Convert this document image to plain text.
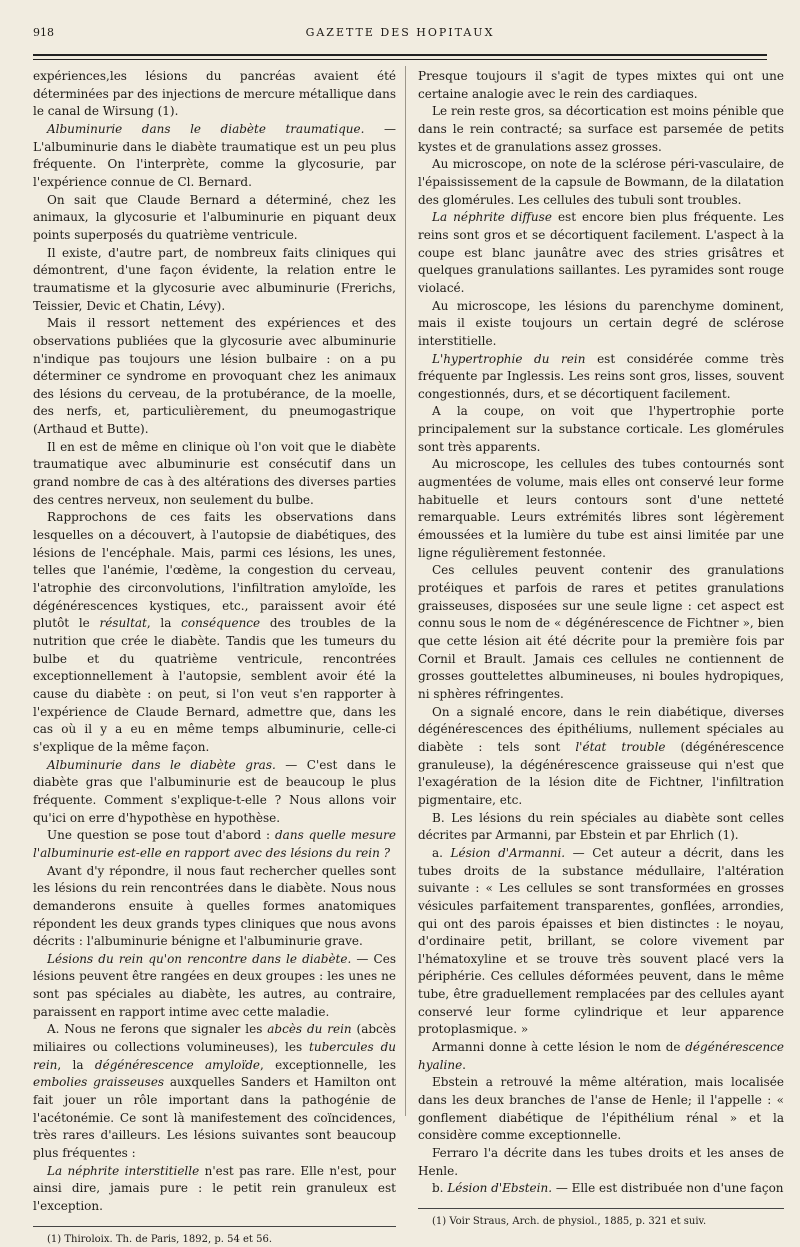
918	GAZETTE DES HOPITAUX

expériences,les lésions du pancréas avaient été déterminées par des injections de mercure métallique dans le canal de Wirsung (1).

Albuminurie dans le diabète traumatique. — L'albuminurie dans le diabète traumatique est un peu plus fréquente. On l'interprète, comme la glycosurie, par l'expérience connue de Cl. Bernard.

On sait que Claude Bernard a déterminé, chez les animaux, la glycosurie et l'albuminurie en piquant deux points superposés du quatrième ventricule.

Il existe, d'autre part, de nombreux faits cliniques qui démontrent, d'une façon évidente, la relation entre le traumatisme et la glycosurie avec albuminurie (Frerichs, Teissier, Devic et Chatin, Lévy).

Mais il ressort nettement des expériences et des observations publiées que la glycosurie avec albuminurie n'indique pas toujours une lésion bulbaire : on a pu déterminer ce syndrome en provoquant chez les animaux des lésions du cerveau, de la protubérance, de la moelle, des nerfs, et, particulièrement, du pneumogastrique (Arthaud et Butte).

Il en est de même en clinique où l'on voit que le diabète traumatique avec albuminurie est consécutif dans un grand nombre de cas à des altérations des diverses parties des centres nerveux, non seulement du bulbe.

Rapprochons de ces faits les observations dans lesquelles on a découvert, à l'autopsie de diabétiques, des lésions de l'encéphale. Mais, parmi ces lésions, les unes, telles que l'anémie, l'œdème, la congestion du cerveau, l'atrophie des circonvolutions, l'infiltration amyloïde, les dégénérescences kystiques, etc., paraissent avoir été plutôt le résultat, la conséquence des troubles de la nutrition que crée le diabète. Tandis que les tumeurs du bulbe et du quatrième ventricule, rencontrées exceptionnellement à l'autopsie, semblent avoir été la cause du diabète : on peut, si l'on veut s'en rapporter à l'expérience de Claude Bernard, admettre que, dans les cas où il y a eu en même temps albuminurie, celle-ci s'explique de la même façon.

Albuminurie dans le diabète gras. — C'est dans le diabète gras que l'albuminurie est de beaucoup le plus fréquente. Comment s'explique-t-elle ? Nous allons voir qu'ici on erre d'hypothèse en hypothèse.

Une question se pose tout d'abord : dans quelle mesure l'albuminurie est-elle en rapport avec des lésions du rein ?

Avant d'y répondre, il nous faut rechercher quelles sont les lésions du rein rencontrées dans le diabète. Nous nous demanderons ensuite à quelles formes anatomiques répondent les deux grands types cliniques que nous avons décrits : l'albuminurie bénigne et l'albuminurie grave.

Lésions du rein qu'on rencontre dans le diabète. — Ces lésions peuvent être rangées en deux groupes : les unes ne sont pas spéciales au diabète, les autres, au contraire, paraissent en rapport intime avec cette maladie.

A. Nous ne ferons que signaler les abcès du rein (abcès miliaires ou collections volumineuses), les tubercules du rein, la dégénérescence amyloïde, exceptionnelle, les embolies graisseuses auxquelles Sanders et Hamilton ont fait jouer un rôle important dans la pathogénie de l'acétonémie. Ce sont là manifestement des coïncidences, très rares d'ailleurs. Les lésions suivantes sont beaucoup plus fréquentes :

La néphrite interstitielle n'est pas rare. Elle n'est, pour ainsi dire, jamais pure : le petit rein granuleux est l'exception.

(1) Thiroloix. Th. de Paris, 1892, p. 54 et 56.

Presque toujours il s'agit de types mixtes qui ont une certaine analogie avec le rein des cardiaques.

Le rein reste gros, sa décortication est moins pénible que dans le rein contracté; sa surface est parsemée de petits kystes et de granulations assez grosses.

Au microscope, on note de la sclérose péri-vasculaire, de l'épaississement de la capsule de Bowmann, de la dilatation des glomérules. Les cellules des tubuli sont troubles.

La néphrite diffuse est encore bien plus fréquente. Les reins sont gros et se décortiquent facilement. L'aspect à la coupe est blanc jaunâtre avec des stries grisâtres et quelques granulations saillantes. Les pyramides sont rouge violacé.

Au microscope, les lésions du parenchyme dominent, mais il existe toujours un certain degré de sclérose interstitielle.

L'hypertrophie du rein est considérée comme très fréquente par Inglessis. Les reins sont gros, lisses, souvent congestionnés, durs, et se décortiquent facilement.

A la coupe, on voit que l'hypertrophie porte principalement sur la substance corticale. Les glomérules sont très apparents.

Au microscope, les cellules des tubes contournés sont augmentées de volume, mais elles ont conservé leur forme habituelle et leurs contours sont d'une netteté remarquable. Leurs extrémités libres sont légèrement émoussées et la lumière du tube est ainsi limitée par une ligne régulièrement festonnée.

Ces cellules peuvent contenir des granulations protéiques et parfois de rares et petites granulations graisseuses, disposées sur une seule ligne : cet aspect est connu sous le nom de « dégénérescence de Fichtner », bien que cette lésion ait été décrite pour la première fois par Cornil et Brault. Jamais ces cellules ne contiennent de grosses gouttelettes albumineuses, ni boules hydropiques, ni sphères réfringentes.

On a signalé encore, dans le rein diabétique, diverses dégénérescences des épithéliums, nullement spéciales au diabète : tels sont l'état trouble (dégénérescence granuleuse), la dégénérescence graisseuse qui n'est que l'exagération de la lésion dite de Fichtner, l'infiltration pigmentaire, etc.

B. Les lésions du rein spéciales au diabète sont celles décrites par Armanni, par Ebstein et par Ehrlich (1).

a. Lésion d'Armanni. — Cet auteur a décrit, dans les tubes droits de la substance médullaire, l'altération suivante : « Les cellules se sont transformées en grosses vésicules parfaitement transparentes, gonflées, arrondies, qui ont des parois épaisses et bien distinctes : le noyau, d'ordinaire petit, brillant, se colore vivement par l'hématoxyline et se trouve très souvent placé vers la périphérie. Ces cellules déformées peuvent, dans le même tube, être graduellement remplacées par des cellules ayant conservé leur forme cylindrique et leur apparence protoplasmique. »

Armanni donne à cette lésion le nom de dégénérescence hyaline.

Ebstein a retrouvé la même altération, mais localisée dans les deux branches de l'anse de Henle; il l'appelle : « gonflement diabétique de l'épithélium rénal » et la considère comme exceptionnelle.

Ferraro l'a décrite dans les tubes droits et les anses de Henle.

b. Lésion d'Ebstein. — Elle est distribuée non d'une façon

(1) Voir Straus, Arch. de physiol., 1885, p. 321 et suiv.
